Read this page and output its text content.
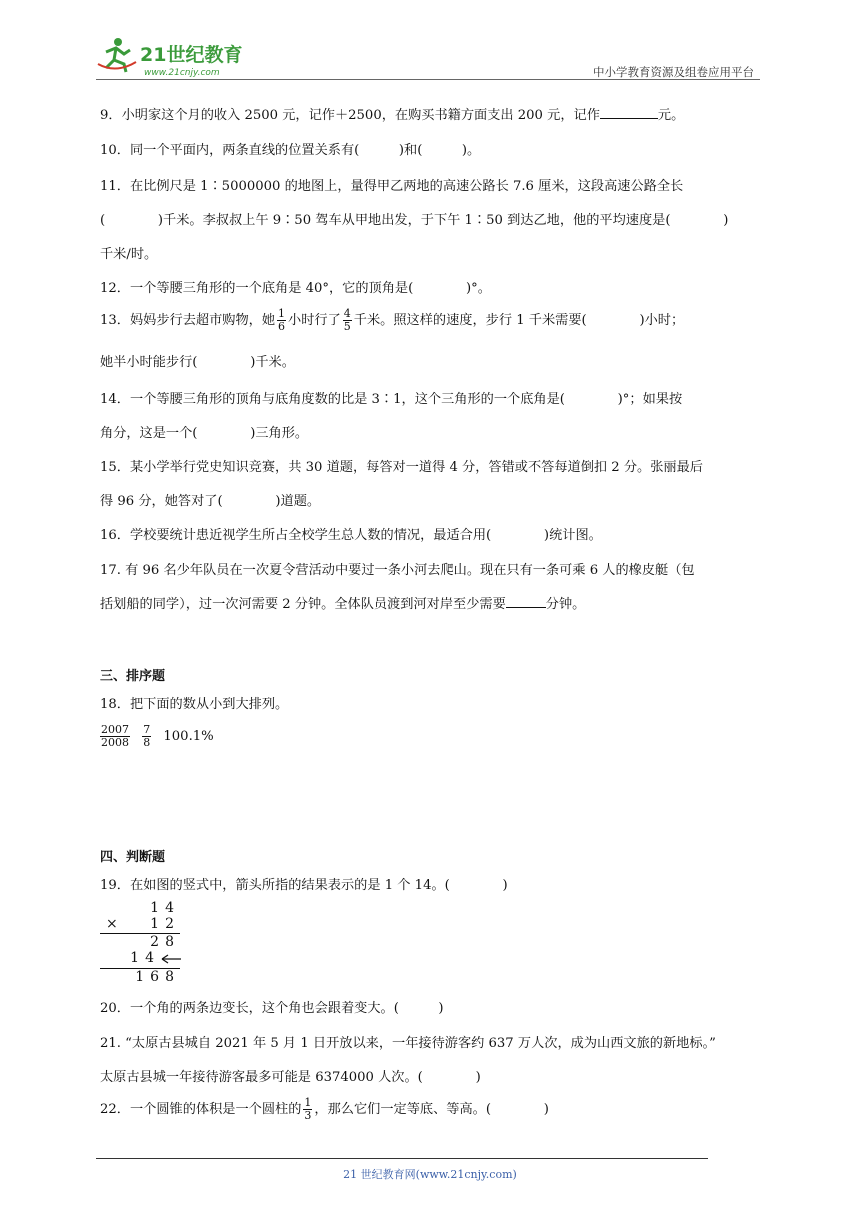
21世纪教育
www.21cnjy.com	中小学教育资源及组卷应用平台
9．小明家这个月的收入 2500 元，记作＋2500，在购买书籍方面支出 200 元，记作	元。
10．同一个平面内，两条直线的位置关系有(　　　)和(　　　)。
11．在比例尺是 1∶5000000 的地图上，量得甲乙两地的高速公路长 7.6 厘米，这段高速公路全长
(　　　　)千米。李叔叔上午 9∶50 驾车从甲地出发，于下午 1∶50 到达乙地，他的平均速度是(　　　　)
千米/时。
12．一个等腰三角形的一个底角是 40°，它的顶角是(　　　　)°。
13．妈妈步行去超市购物，她 $\frac{1}{6}$ 小时行了 $\frac{4}{5}$ 千米。照这样的速度，步行 1 千米需要(　　　　)小时；
她半小时能步行(　　　　)千米。
14．一个等腰三角形的顶角与底角度数的比是 3∶1，这个三角形的一个底角是(　　　　)°；如果按
角分，这是一个(　　　　)三角形。
15．某小学举行党史知识竞赛，共 30 道题，每答对一道得 4 分，答错或不答每道倒扣 2 分。张丽最后
得 96 分，她答对了(　　　　)道题。
16．学校要统计患近视学生所占全校学生总人数的情况，最适合用(　　　　)统计图。
17. 有 96 名少年队员在一次夏令营活动中要过一条小河去爬山。现在只有一条可乘 6 人的橡皮艇（包
括划船的同学），过一次河需要 2 分钟。全体队员渡到河对岸至少需要	分钟。
三、排序题
18．把下面的数从小到大排列。
$\frac{2007}{2008}$
$\frac{7}{8} 100.1\%$
四、判断题
19．在如图的竖式中，箭头所指的结果表示的是 1 个 14。(　　　　)
20．一个角的两条边变长，这个角也会跟着变大。(　　　)
21. “太原古县城自 2021 年 5 月 1 日开放以来，一年接待游客约 637 万人次，成为山西文旅的新地标。”
太原古县城一年接待游客最多可能是 6374000 人次。(　　　　)
22．一个圆锥的体积是一个圆柱的 $\frac{1}{3}$ ，那么它们一定等底、等高。(　　　　)
14
× 12
28
14
168
21 世纪教育网(www.21cnjy.com)
